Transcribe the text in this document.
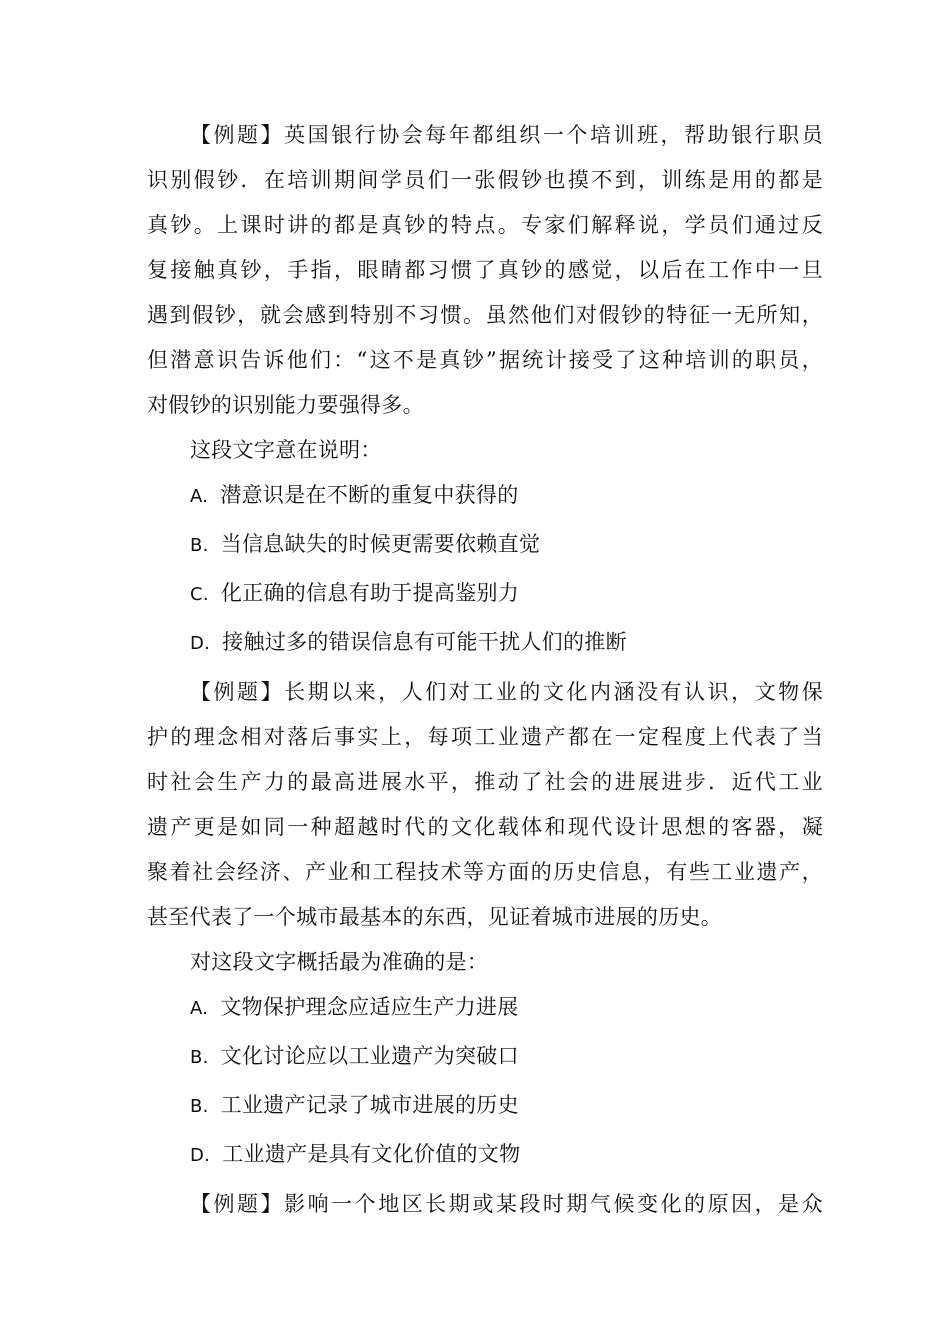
【例题】英国银行协会每年都组织一个培训班，帮助银行职员
识别假钞．在培训期间学员们一张假钞也摸不到，训练是用的都是
真钞。上课时讲的都是真钞的特点。专家们解释说，学员们通过反
复接触真钞，手指，眼睛都习惯了真钞的感觉，以后在工作中一旦
遇到假钞，就会感到特别不习惯。虽然他们对假钞的特征一无所知，
但潜意识告诉他们：“这不是真钞”据统计接受了这种培训的职员，
对假钞的识别能力要强得多。
这段文字意在说明：
A. 潜意识是在不断的重复中获得的
B. 当信息缺失的时候更需要依赖直觉
C. 化正确的信息有助于提高鉴别力
D. 接触过多的错误信息有可能干扰人们的推断
【例题】长期以来，人们对工业的文化内涵没有认识，文物保
护的理念相对落后事实上，每项工业遗产都在一定程度上代表了当
时社会生产力的最高进展水平，推动了社会的进展进步．近代工业
遗产更是如同一种超越时代的文化载体和现代设计思想的客器，凝
聚着社会经济、产业和工程技术等方面的历史信息，有些工业遗产，
甚至代表了一个城市最基本的东西，见证着城市进展的历史。
对这段文字概括最为准确的是：
A. 文物保护理念应适应生产力进展
B. 文化讨论应以工业遗产为突破口
B. 工业遗产记录了城市进展的历史
D. 工业遗产是具有文化价值的文物
【例题】影响一个地区长期或某段时期气候变化的原因，是众
